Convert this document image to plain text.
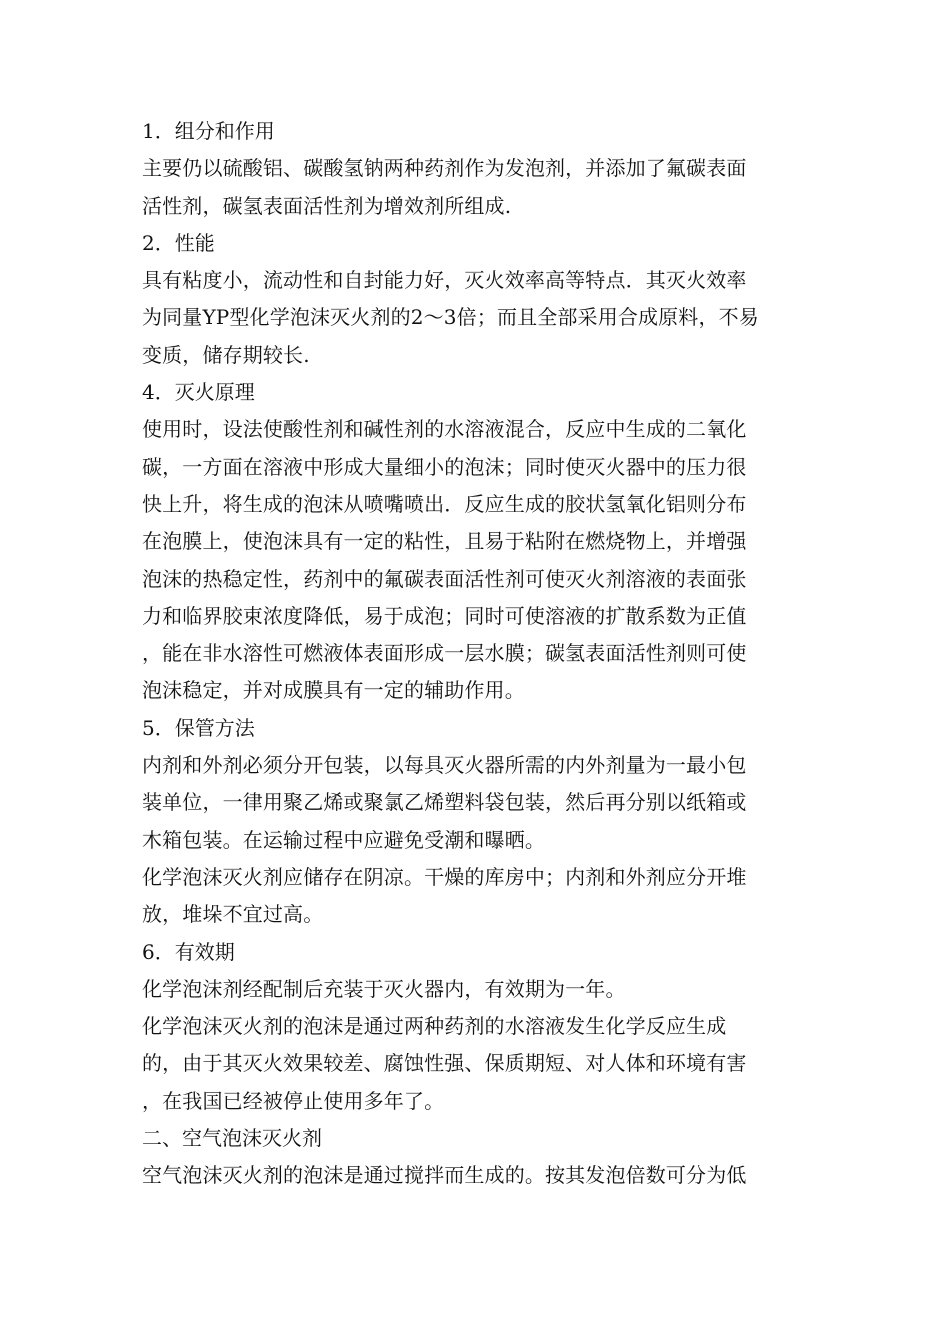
1．组分和作用
主要仍以硫酸铝、碳酸氢钠两种药剂作为发泡剂，并添加了氟碳表面
活性剂，碳氢表面活性剂为增效剂所组成.
2．性能
具有粘度小，流动性和自封能力好，灭火效率高等特点．其灭火效率
为同量YP型化学泡沫灭火剂的2～3倍；而且全部采用合成原料，不易
变质，储存期较长.
4．灭火原理
使用时，设法使酸性剂和碱性剂的水溶液混合，反应中生成的二氧化
碳，一方面在溶液中形成大量细小的泡沫；同时使灭火器中的压力很
快上升，将生成的泡沫从喷嘴喷出．反应生成的胶状氢氧化铝则分布
在泡膜上，使泡沫具有一定的粘性，且易于粘附在燃烧物上，并增强
泡沫的热稳定性，药剂中的氟碳表面活性剂可使灭火剂溶液的表面张
力和临界胶束浓度降低，易于成泡；同时可使溶液的扩散系数为正值
，能在非水溶性可燃液体表面形成一层水膜；碳氢表面活性剂则可使
泡沫稳定，并对成膜具有一定的辅助作用。
5．保管方法
内剂和外剂必须分开包装，以每具灭火器所需的内外剂量为一最小包
装单位，一律用聚乙烯或聚氯乙烯塑料袋包装，然后再分别以纸箱或
木箱包装。在运输过程中应避免受潮和曝晒。
化学泡沫灭火剂应储存在阴凉。干燥的库房中；内剂和外剂应分开堆
放，堆垛不宜过高。
6．有效期
化学泡沫剂经配制后充装于灭火器内，有效期为一年。
化学泡沫灭火剂的泡沫是通过两种药剂的水溶液发生化学反应生成
的，由于其灭火效果较差、腐蚀性强、保质期短、对人体和环境有害
，在我国已经被停止使用多年了。
二、空气泡沫灭火剂
空气泡沫灭火剂的泡沫是通过搅拌而生成的。按其发泡倍数可分为低
